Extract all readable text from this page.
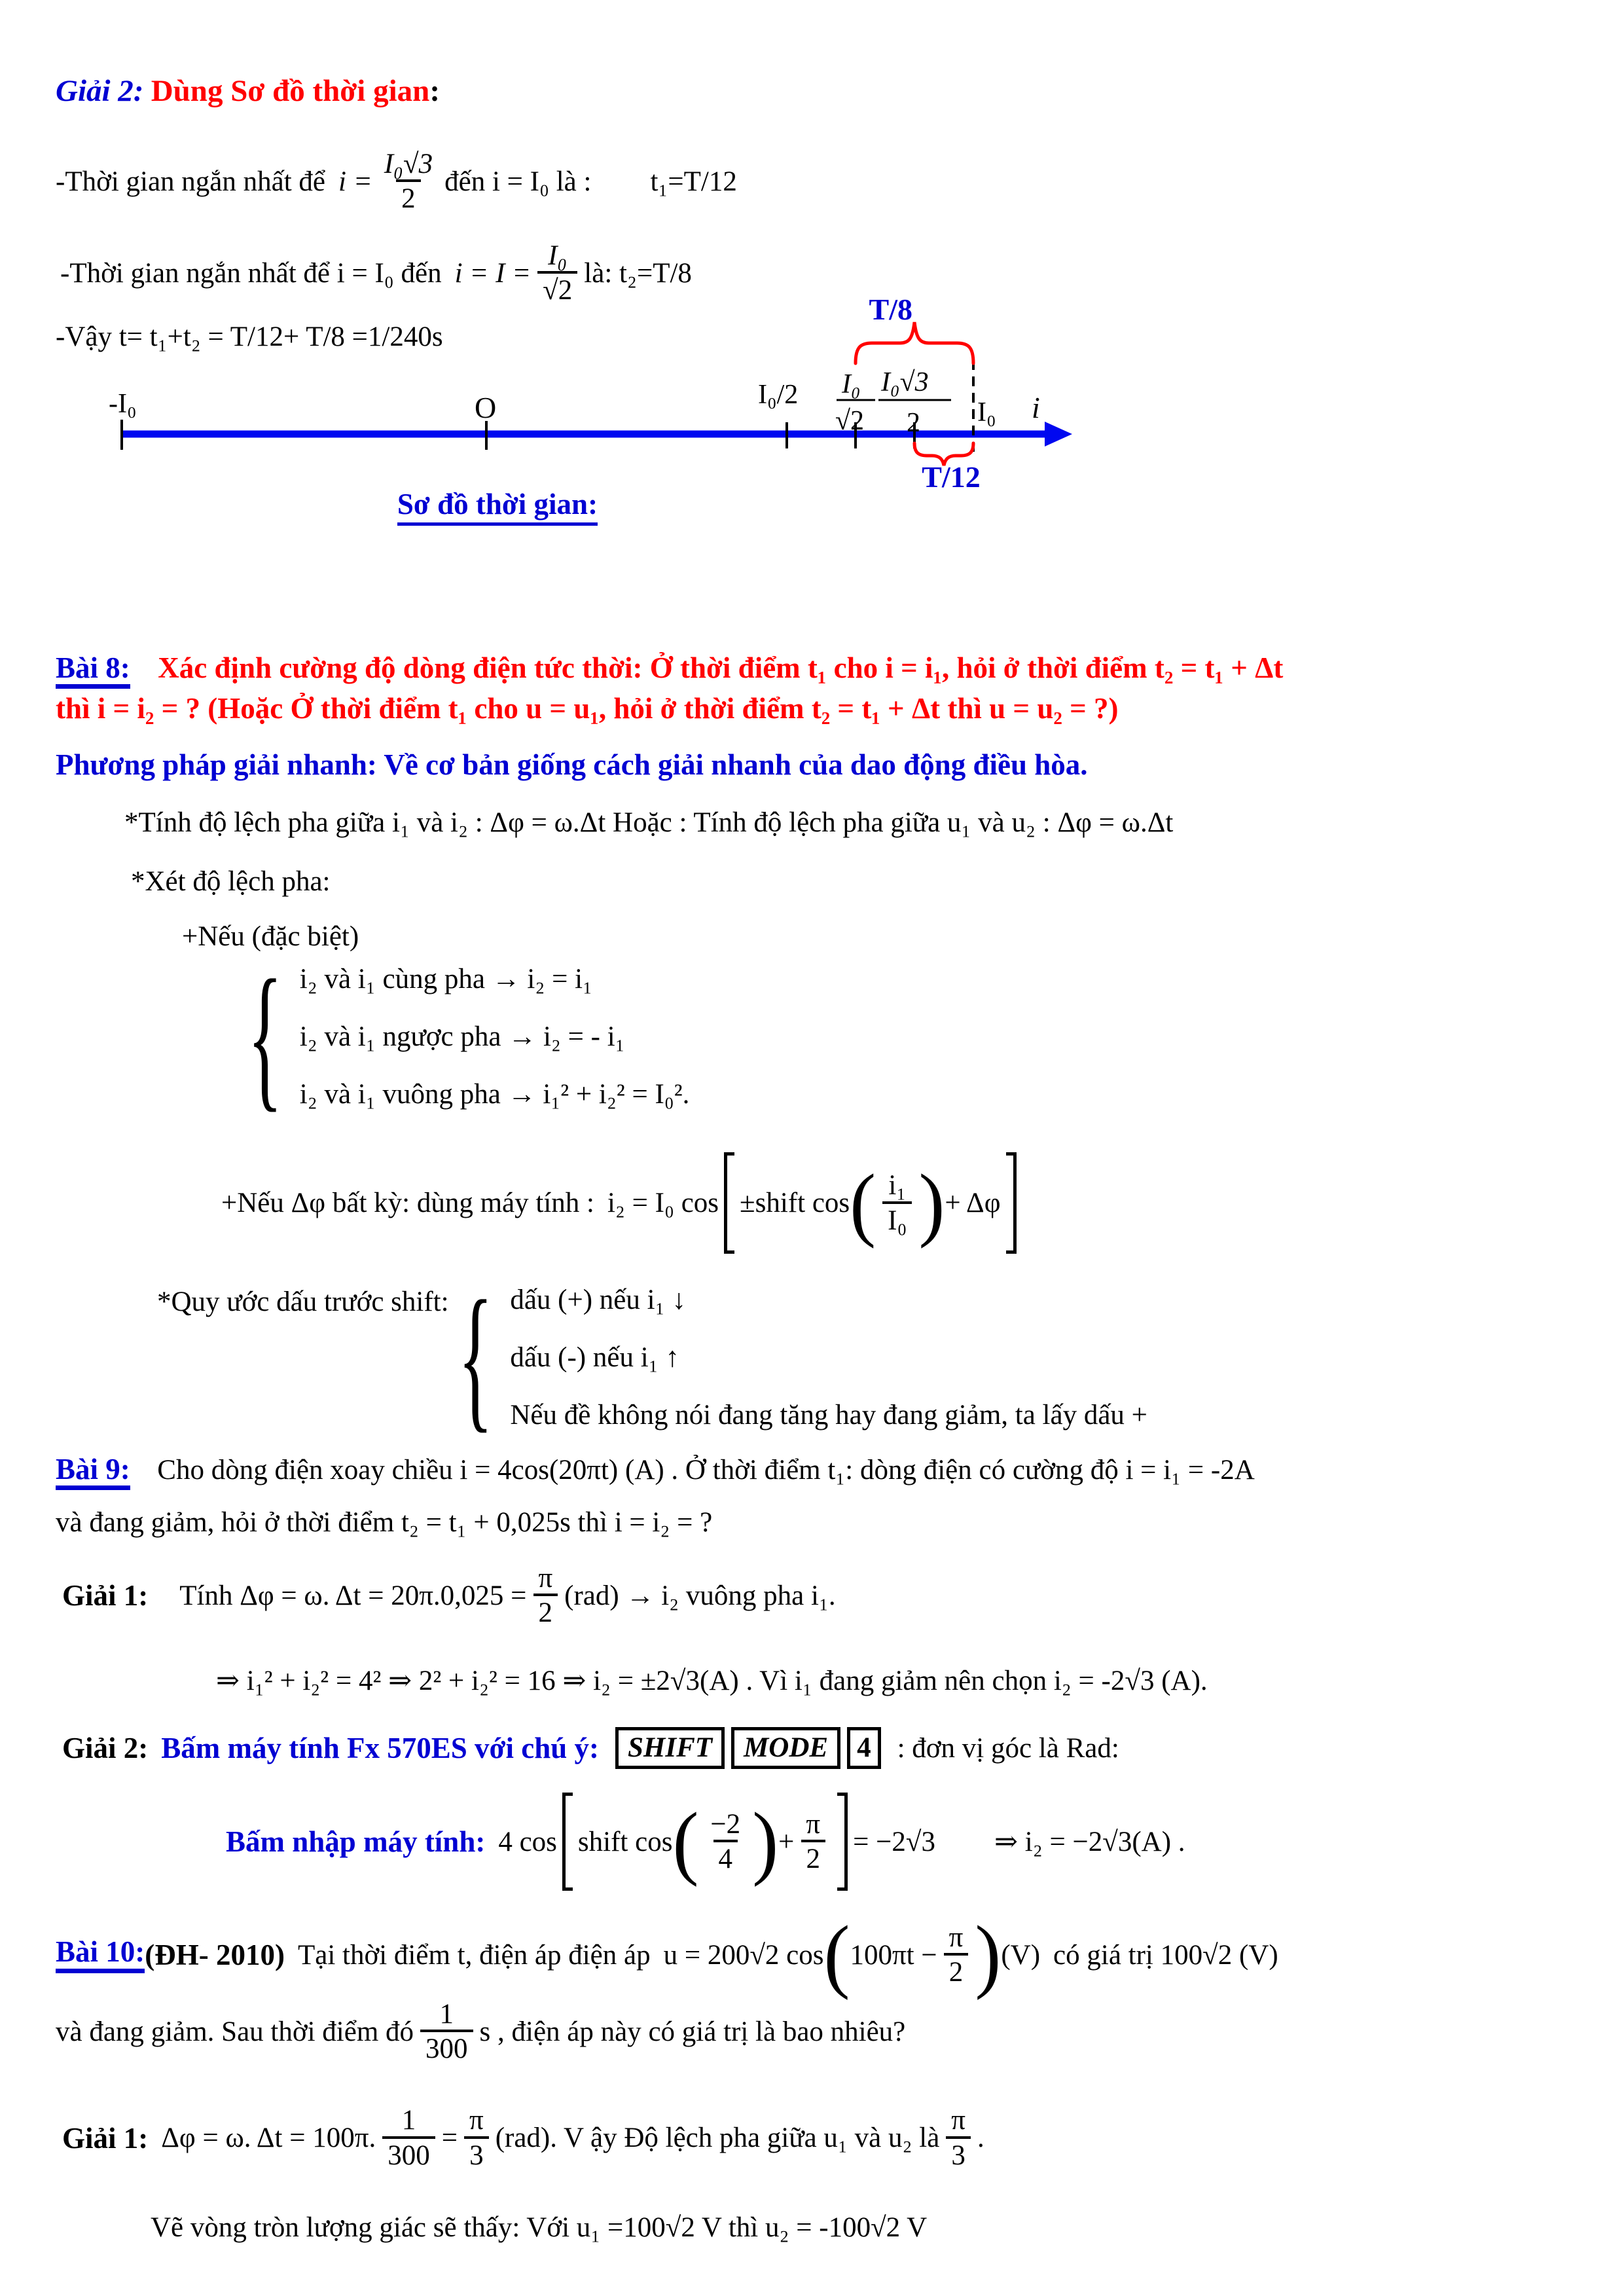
Giải 2: Dùng Sơ đồ thời gian:
-Thời gian ngắn nhất để $i = \frac{\text{I₀√3}}{2}$ đến i = I₀ là : t₁=T/12
-Thời gian ngắn nhất để i = I₀ đến $i = I = \frac{\text{I₀}}{√2}$ là: t₂=T/8
-Vậy t= t₁+t₂ = T/12+ T/8 =1/240s
-I₀	O	I₀/2 I₀
√2
I₀√3
2 I₀ i
T/8
T/12
Sơ đồ thời gian:
Bài 8: Xác định cường độ dòng điện tức thời: Ở thời điểm t₁ cho i = i₁, hỏi ở thời điểm t₂ = t₁ + Δt
thì i = i₂ = ? (Hoặc Ở thời điểm t₁ cho u = u₁, hỏi ở thời điểm t₂ = t₁ + Δt thì u = u₂ = ?)
Phương pháp giải nhanh: Về cơ bản giống cách giải nhanh của dao động điều hòa.
*Tính độ lệch pha giữa i₁ và i₂ : Δφ = ω.Δt Hoặc : Tính độ lệch pha giữa u₁ và u₂ : Δφ = ω.Δt
*Xét độ lệch pha:
+Nếu (đặc biệt)
{ i₂ và i₁ cùng pha → i₂ = i₁
i₂ và i₁ ngược pha → i₂ = - i₁
i₂ và i₁ vuông pha → i₁² + i₂² = I₀².
+Nếu Δφ bất kỳ: dùng máy tính : i₂ = I₀ cos ±shift cos ( $\frac{\text{i₁}}{\text{I₀}}$ ) + Δφ
*Quy ước dấu trước shift: { dấu (+) nếu i₁ ↓
dấu (-) nếu i₁ ↑
Nếu đề không nói đang tăng hay đang giảm, ta lấy dấu +
Bài 9: Cho dòng điện xoay chiều i = 4cos(20πt) (A) . Ở thời điểm t₁: dòng điện có cường độ i = i₁ = -2A
và đang giảm, hỏi ở thời điểm t₂ = t₁ + 0,025s thì i = i₂ = ?
Giải 1: Tính Δφ = ω. $\Delta t = 20\pi.0,025 = \frac{\pi}{2} (rad) \to i_2$ vuông pha i₁.
⇒ i₁² + i₂² = 4² ⇒ 2² + i₂² = 16 ⇒ i₂ = ±2√3(A) . Vì i₁ đang giảm nên chọn i₂ = -2√3 (A).
Giải 2: Bấm máy tính Fx 570ES với chú ý:	SHIFT	MODE	4 : đơn vị góc là Rad:
Bấm nhập máy tính: 4 cos shift cos ( $\frac{-2}{4}$ ) + $\frac{\pi}{2} = -2√3$ ⇒ i₂ = −2√3(A) .
Bài 10: (ĐH- 2010) Tại thời điểm t, điện áp điện áp u = 200√2 cos ( $100\pi t - \frac{\pi}{2}$ ) (V) có giá trị 100√2 (V)
và đang giảm. Sau thời điểm đó $\frac{1}{300}$ s , điện áp này có giá trị là bao nhiêu?
Giải 1: Δφ = ω. Δt = 100π. $\frac{1}{300} = \frac{\pi}{3} (rad)$. V ậy Độ lệch pha giữa u₁ và u₂ là $\frac{\pi}{3}$ .
Vẽ vòng tròn lượng giác sẽ thấy: Với u₁ =100√2 V thì u₂ = -100√2 V
